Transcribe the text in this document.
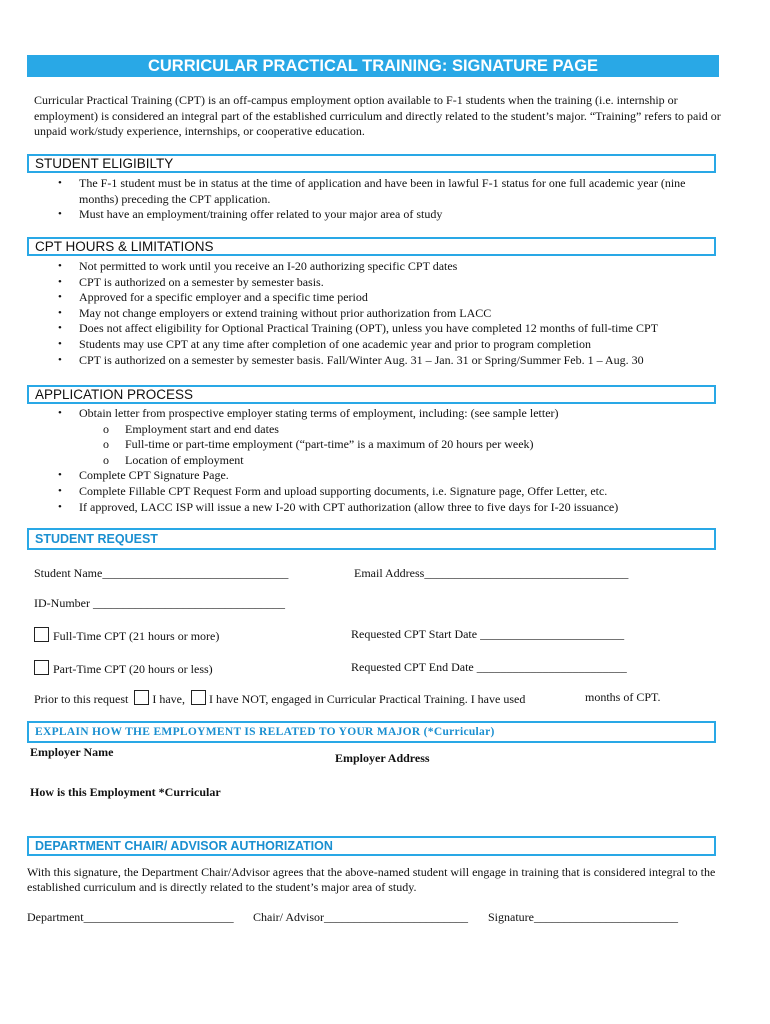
CURRICULAR PRACTICAL TRAINING: SIGNATURE PAGE
Curricular Practical Training (CPT) is an off-campus employment option available to F-1 students when the training (i.e. internship or employment) is considered an integral part of the established curriculum and directly related to the student’s major. “Training” refers to paid or unpaid work/study experience, internships, or cooperative education.
STUDENT ELIGIBILTY
• The F-1 student must be in status at the time of application and have been in lawful F-1 status for one full academic year (nine months) preceding the CPT application.
• Must have an employment/training offer related to your major area of study
CPT HOURS & LIMITATIONS
• Not permitted to work until you receive an I-20 authorizing specific CPT dates
• CPT is authorized on a semester by semester basis.
• Approved for a specific employer and a specific time period
• May not change employers or extend training without prior authorization from LACC
• Does not affect eligibility for Optional Practical Training (OPT), unless you have completed 12 months of full-time CPT
• Students may use CPT at any time after completion of one academic year and prior to program completion
• CPT is authorized on a semester by semester basis. Fall/Winter Aug. 31 – Jan. 31 or Spring/Summer Feb. 1 – Aug. 30
APPLICATION PROCESS
• Obtain letter from prospective employer stating terms of employment, including: (see sample letter)
o Employment start and end dates
o Full-time or part-time employment (“part-time” is a maximum of 20 hours per week)
o Location of employment
• Complete CPT Signature Page.
• Complete Fillable CPT Request Form and upload supporting documents, i.e. Signature page, Offer Letter, etc.
• If approved, LACC ISP will issue a new I-20 with CPT authorization (allow three to five days for I-20 issuance)
STUDENT REQUEST
Student Name_______________________________	Email Address__________________________________
ID-Number ________________________________
Full-Time CPT (21 hours or more)	Requested CPT Start Date ________________________
Part-Time CPT (20 hours or less)	Requested CPT End Date _________________________
Prior to this request I have, I have NOT, engaged in Curricular Practical Training. I have used	months of CPT.
EXPLAIN HOW THE EMPLOYMENT IS RELATED TO YOUR MAJOR (*Curricular)
Employer Name	Employer Address
How is this Employment *Curricular
DEPARTMENT CHAIR/ ADVISOR AUTHORIZATION
With this signature, the Department Chair/Advisor agrees that the above-named student will engage in training that is considered integral to the established curriculum and is directly related to the student’s major area of study.
Department_________________________ Chair/ Advisor________________________ Signature________________________
